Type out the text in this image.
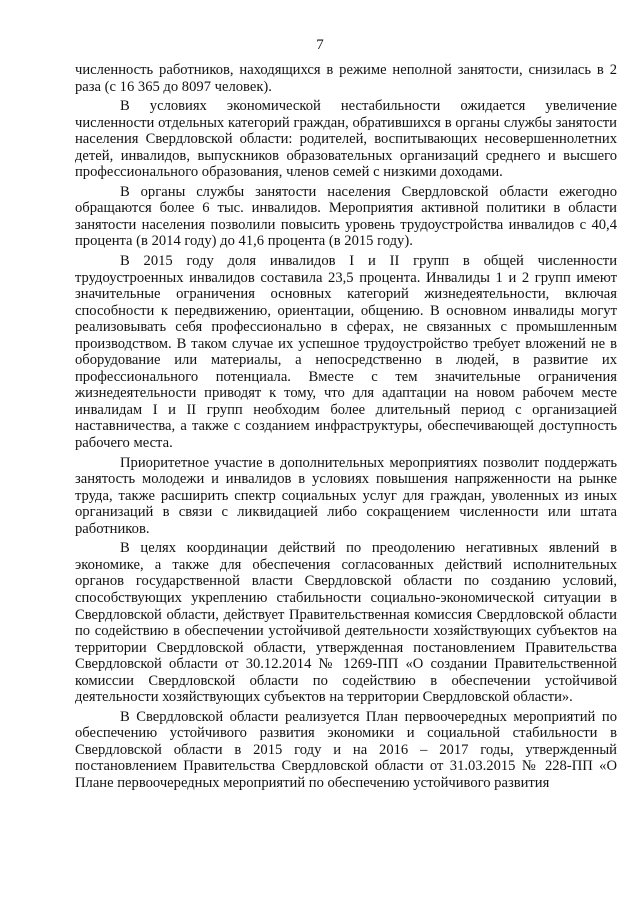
7

численность работников, находящихся в режиме неполной занятости, снизилась в 2 раза (с 16 365 до 8097 человек).

В условиях экономической нестабильности ожидается увеличение численности отдельных категорий граждан, обратившихся в органы службы занятости населения Свердловской области: родителей, воспитывающих несовершеннолетних детей, инвалидов, выпускников образовательных организаций среднего и высшего профессионального образования, членов семей с низкими доходами.

В органы службы занятости населения Свердловской области ежегодно обращаются более 6 тыс. инвалидов. Мероприятия активной политики в области занятости населения позволили повысить уровень трудоустройства инвалидов с 40,4 процента (в 2014 году) до 41,6 процента (в 2015 году).

В 2015 году доля инвалидов I и II групп в общей численности трудоустроенных инвалидов составила 23,5 процента. Инвалиды 1 и 2 групп имеют значительные ограничения основных категорий жизнедеятельности, включая способности к передвижению, ориентации, общению. В основном инвалиды могут реализовывать себя профессионально в сферах, не связанных с промышленным производством. В таком случае их успешное трудоустройство требует вложений не в оборудование или материалы, а непосредственно в людей, в развитие их профессионального потенциала. Вместе с тем значительные ограничения жизнедеятельности приводят к тому, что для адаптации на новом рабочем месте инвалидам I и II групп необходим более длительный период с организацией наставничества, а также с созданием инфраструктуры, обеспечивающей доступность рабочего места.

Приоритетное участие в дополнительных мероприятиях позволит поддержать занятость молодежи и инвалидов в условиях повышения напряженности на рынке труда, также расширить спектр социальных услуг для граждан, уволенных из иных организаций в связи с ликвидацией либо сокращением численности или штата работников.

В целях координации действий по преодолению негативных явлений в экономике, а также для обеспечения согласованных действий исполнительных органов государственной власти Свердловской области по созданию условий, способствующих укреплению стабильности социально-экономической ситуации в Свердловской области, действует Правительственная комиссия Свердловской области по содействию в обеспечении устойчивой деятельности хозяйствующих субъектов на территории Свердловской области, утвержденная постановлением Правительства Свердловской области от 30.12.2014 № 1269-ПП «О создании Правительственной комиссии Свердловской области по содействию в обеспечении устойчивой деятельности хозяйствующих субъектов на территории Свердловской области».

В Свердловской области реализуется План первоочередных мероприятий по обеспечению устойчивого развития экономики и социальной стабильности в Свердловской области в 2015 году и на 2016 – 2017 годы, утвержденный постановлением Правительства Свердловской области от 31.03.2015 № 228-ПП «О Плане первоочередных мероприятий по обеспечению устойчивого развития
